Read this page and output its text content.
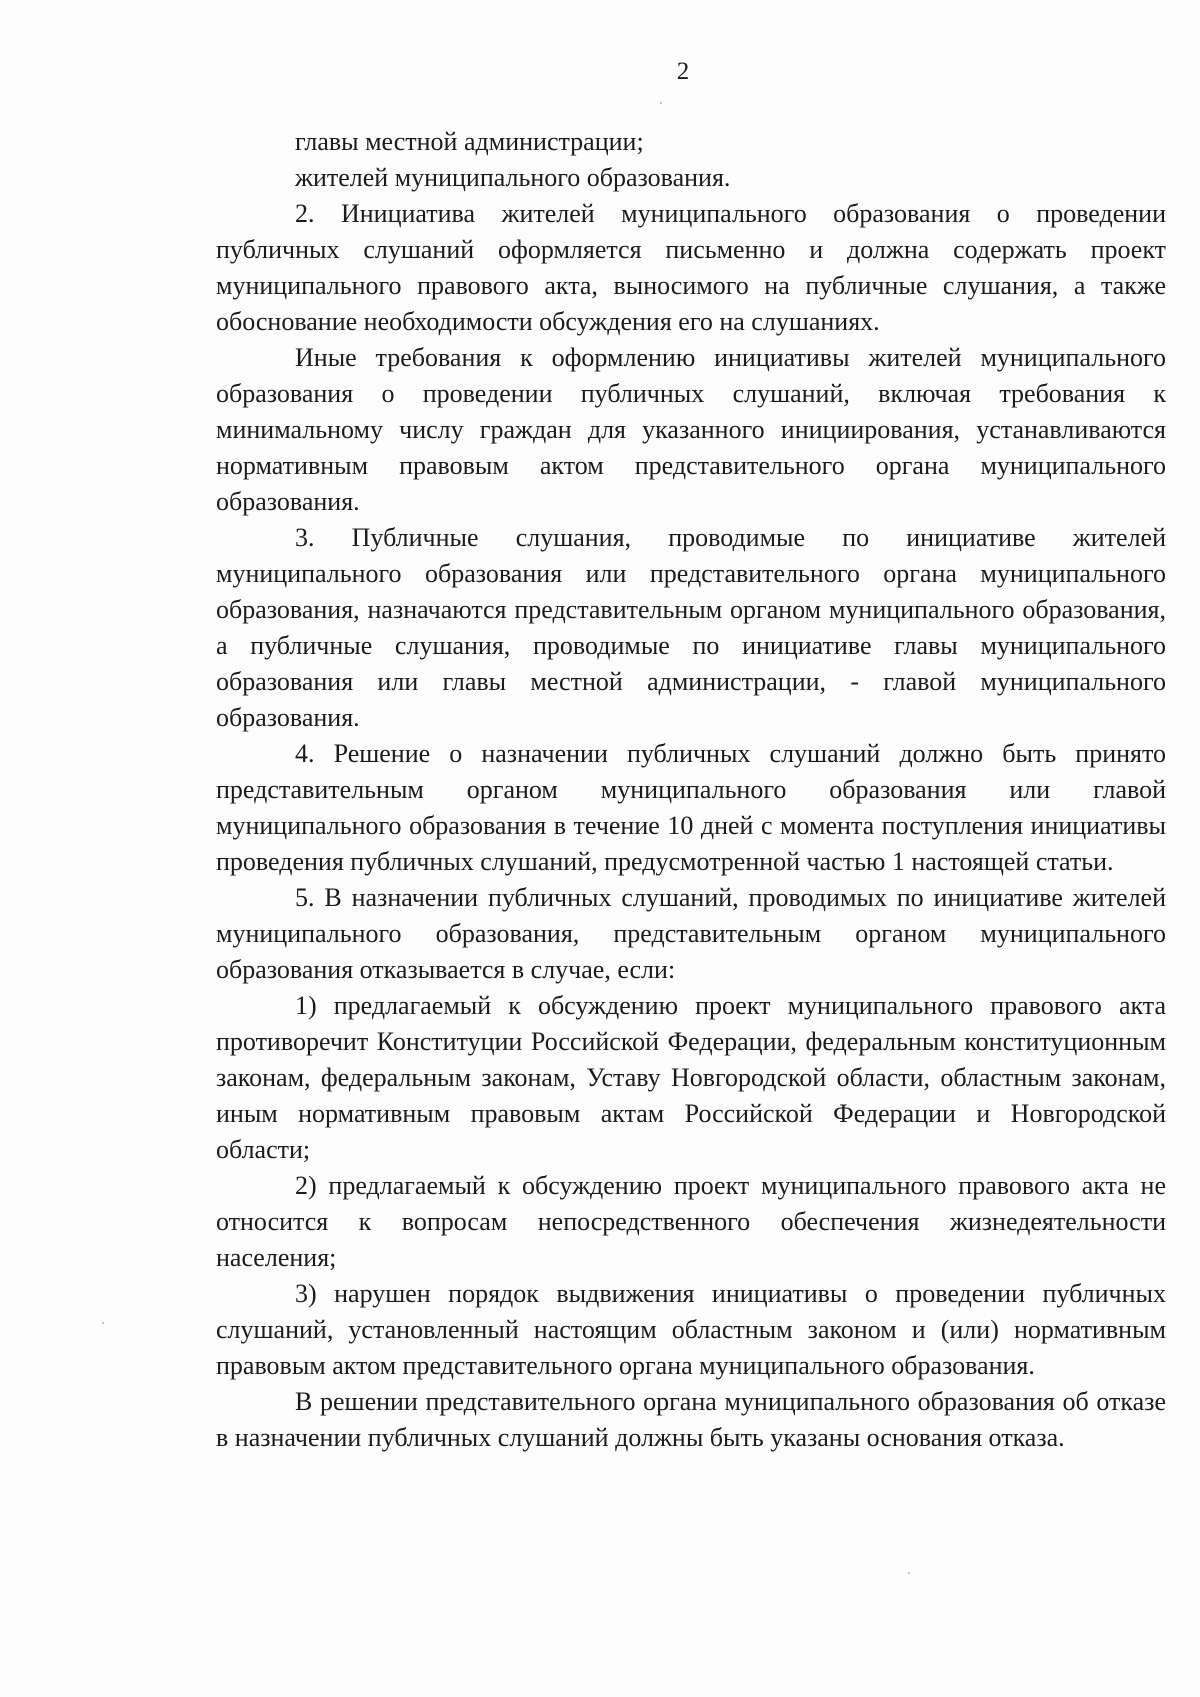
2

главы местной администрации;

жителей муниципального образования.

2. Инициатива жителей муниципального образования о проведении публичных слушаний оформляется письменно и должна содержать проект муниципального правового акта, выносимого на публичные слушания, а также обоснование необходимости обсуждения его на слушаниях.

Иные требования к оформлению инициативы жителей муниципального образования о проведении публичных слушаний, включая требования к минимальному числу граждан для указанного инициирования, устанавливаются нормативным правовым актом представительного органа муниципального образования.

3. Публичные слушания, проводимые по инициативе жителей муниципального образования или представительного органа муниципального образования, назначаются представительным органом муниципального образования, а публичные слушания, проводимые по инициативе главы муниципального образования или главы местной администрации, - главой муниципального образования.

4. Решение о назначении публичных слушаний должно быть принято представительным органом муниципального образования или главой муниципального образования в течение 10 дней с момента поступления инициативы проведения публичных слушаний, предусмотренной частью 1 настоящей статьи.

5. В назначении публичных слушаний, проводимых по инициативе жителей муниципального образования, представительным органом муниципального образования отказывается в случае, если:

1) предлагаемый к обсуждению проект муниципального правового акта противоречит Конституции Российской Федерации, федеральным конституционным законам, федеральным законам, Уставу Новгородской области, областным законам, иным нормативным правовым актам Российской Федерации и Новгородской области;

2) предлагаемый к обсуждению проект муниципального правового акта не относится к вопросам непосредственного обеспечения жизнедеятельности населения;

3) нарушен порядок выдвижения инициативы о проведении публичных слушаний, установленный настоящим областным законом и (или) нормативным правовым актом представительного органа муниципального образования.

В решении представительного органа муниципального образования об отказе в назначении публичных слушаний должны быть указаны основания отказа.
